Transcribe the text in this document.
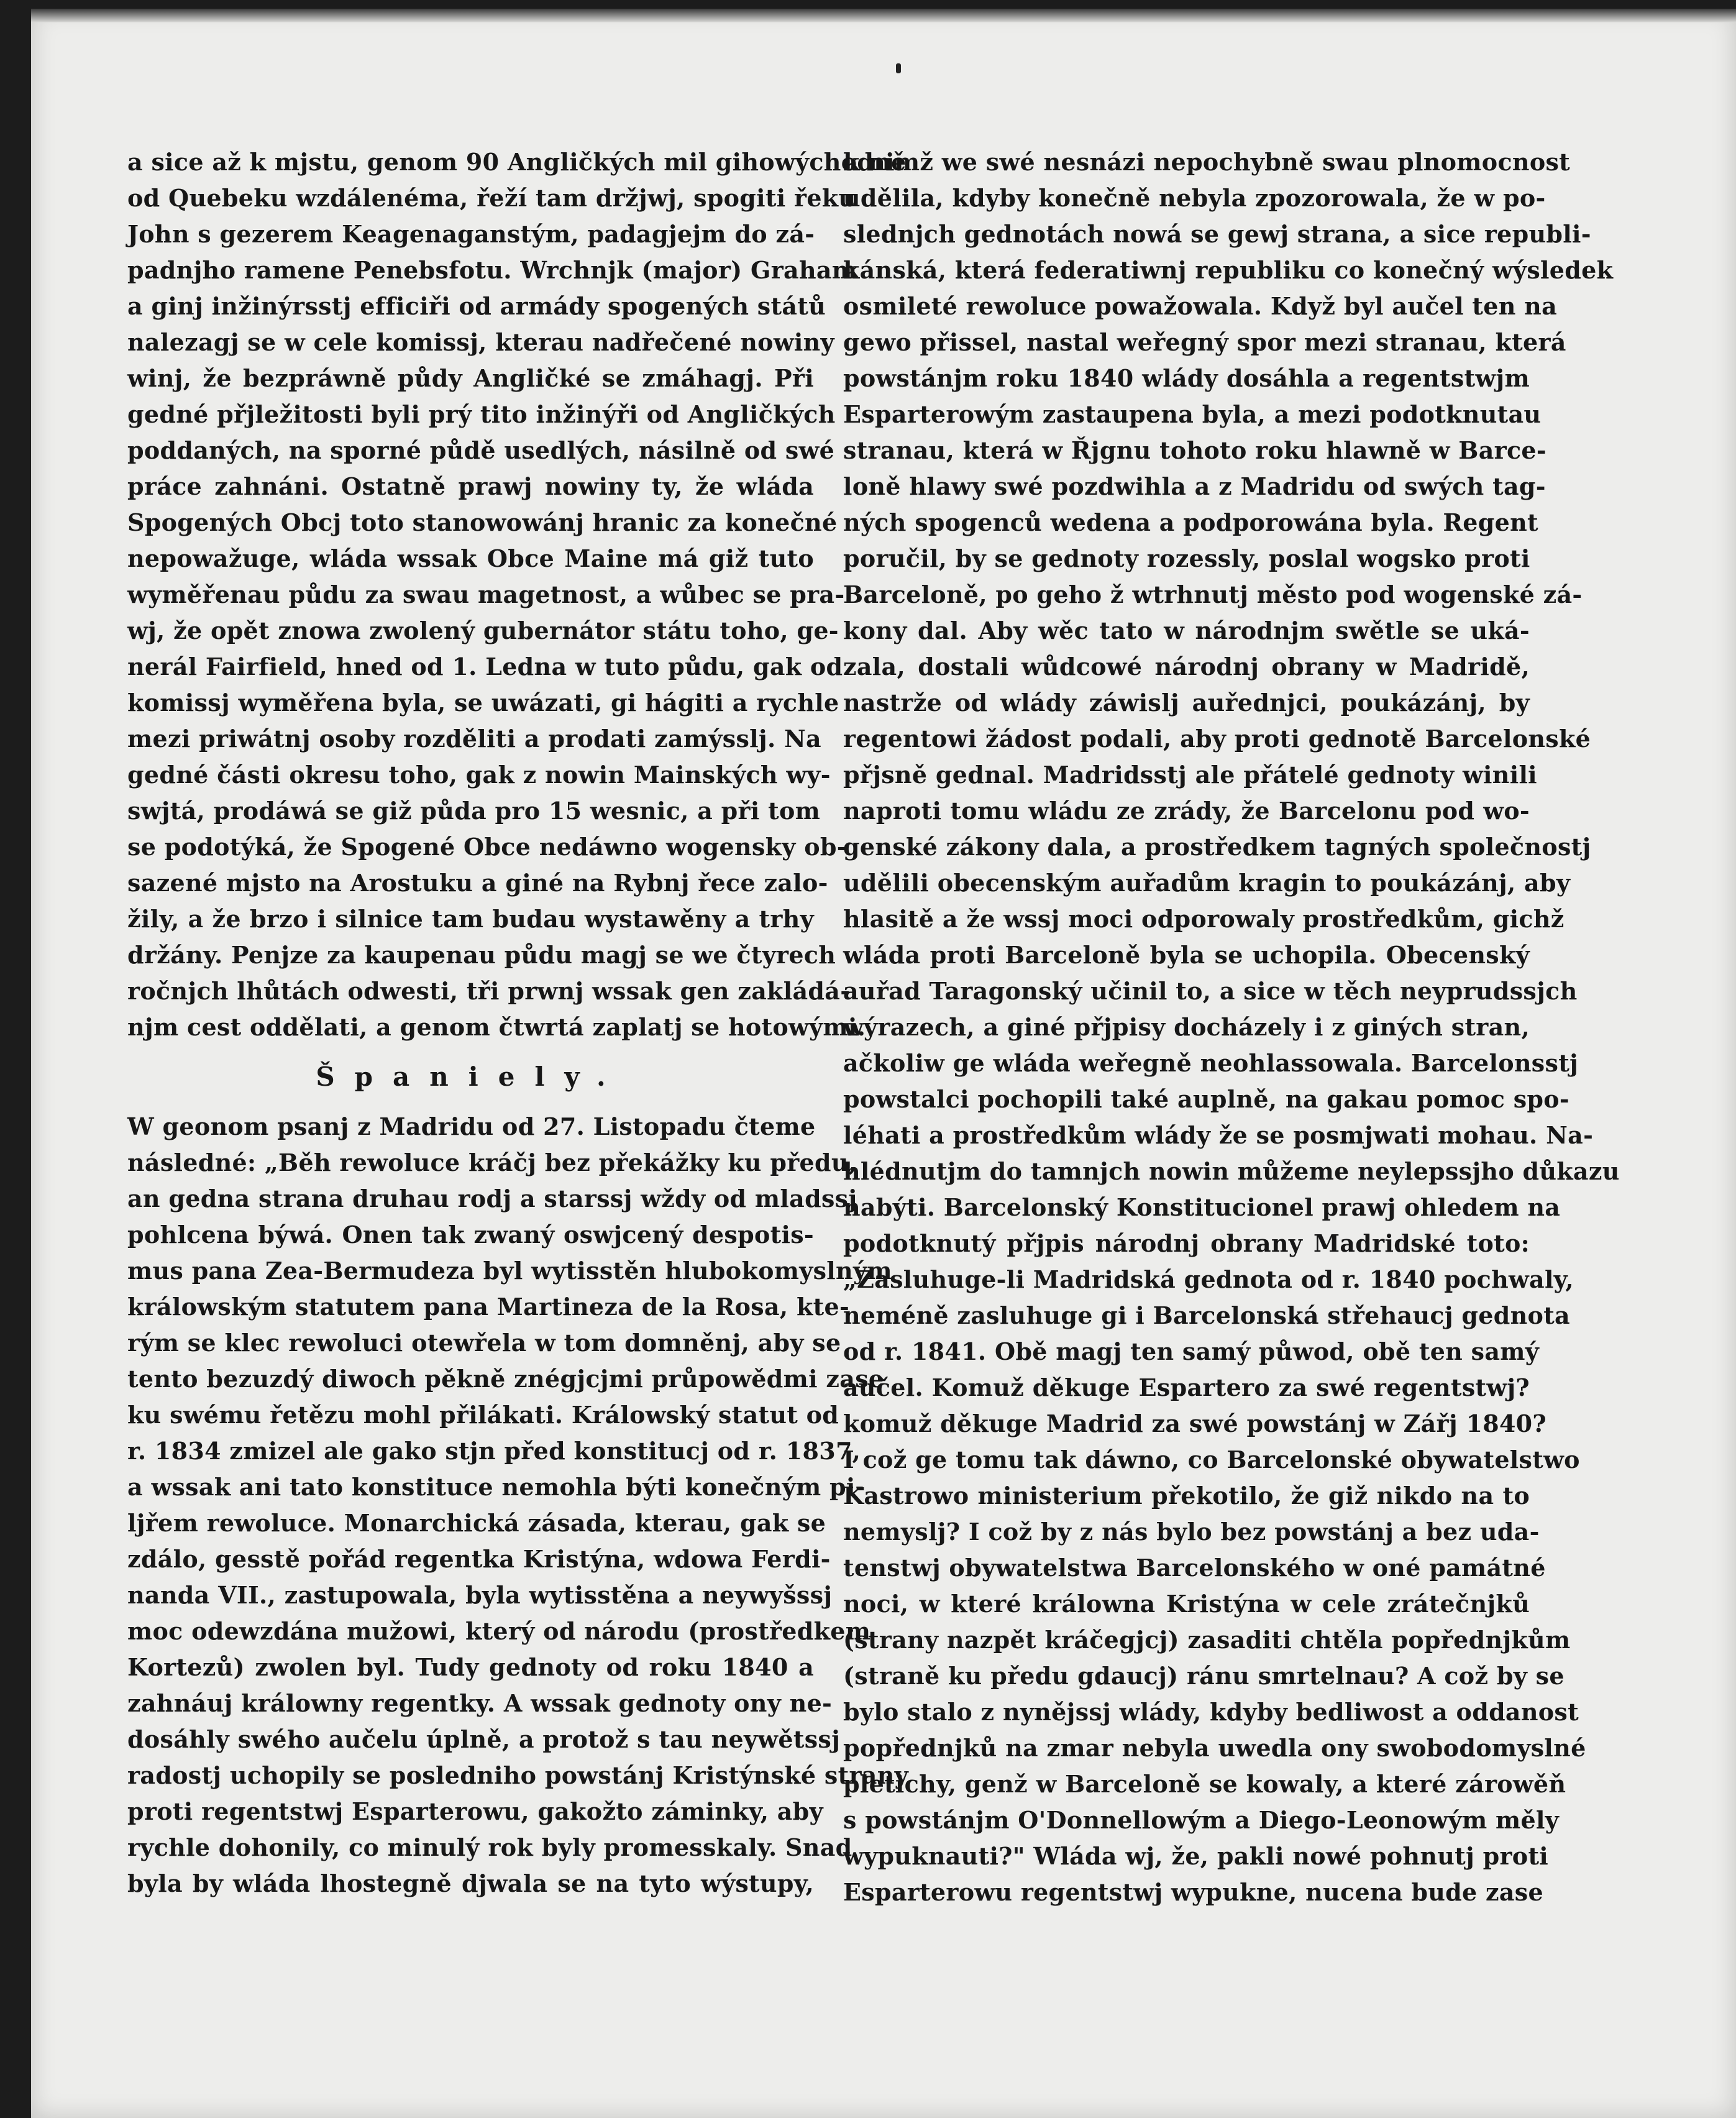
a sice až k mjstu, genom 90 Angličkých mil gihowýchodně
od Quebeku wzdálenéma, řeží tam držjwj, spogiti řeku
John s gezerem Keagenaganstým, padagjejm do zá-
padnjho ramene Penebsfotu. Wrchnjk (major) Graham
a ginj inžinýrsstj efficiři od armády spogených států
nalezagj se w cele komissj, kterau nadřečené nowiny
winj, že bezpráwně půdy Angličké se zmáhagj. Při
gedné přjležitosti byli prý tito inžinýři od Angličkých
poddaných, na sporné půdě usedlých, násilně od swé
práce zahnáni. Ostatně prawj nowiny ty, že wláda
Spogených Obcj toto stanowowánj hranic za konečné
nepowažuge, wláda wssak Obce Maine má giž tuto
wyměřenau půdu za swau magetnost, a wůbec se pra-
wj, že opět znowa zwolený gubernátor státu toho, ge-
nerál Fairfield, hned od 1. Ledna w tuto půdu, gak od
komissj wyměřena byla, se uwázati, gi hágiti a rychle
mezi priwátnj osoby rozděliti a prodati zamýsslj. Na
gedné části okresu toho, gak z nowin Mainských wy-
swjtá, prodáwá se giž půda pro 15 wesnic, a při tom
se podotýká, že Spogené Obce nedáwno wogensky ob-
sazené mjsto na Arostuku a giné na Rybnj řece zalo-
žily, a že brzo i silnice tam budau wystawěny a trhy
držány. Penjze za kaupenau půdu magj se we čtyrech
ročnjch lhůtách odwesti, tři prwnj wssak gen zakládá-
njm cest oddělati, a genom čtwrtá zaplatj se hotowými.
Španiely.
W geonom psanj z Madridu od 27. Listopadu čteme
následné: „Běh rewoluce kráčj bez překážky ku předu,
an gedna strana druhau rodj a starssj wždy od mladssj
pohlcena býwá. Onen tak zwaný oswjcený despotis-
mus pana Zea-Bermudeza byl wytisstěn hlubokomyslným
králowským statutem pana Martineza de la Rosa, kte-
rým se klec rewoluci otewřela w tom domněnj, aby se
tento bezuzdý diwoch pěkně znégjcjmi průpowědmi zase
ku swému řetězu mohl přilákati. Králowský statut od
r. 1834 zmizel ale gako stjn před konstitucj od r. 1837,
a wssak ani tato konstituce nemohla býti konečným pi-
ljřem rewoluce. Monarchická zásada, kterau, gak se
zdálo, gesstě pořád regentka Kristýna, wdowa Ferdi-
nanda VII., zastupowala, byla wytisstěna a neywyšssj
moc odewzdána mužowi, který od národu (prostředkem
Kortezů) zwolen byl. Tudy gednoty od roku 1840 a
zahnáuj králowny regentky. A wssak gednoty ony ne-
dosáhly swého aučelu úplně, a protož s tau neywětssj
radostj uchopily se posledniho powstánj Kristýnské strany
proti regentstwj Esparterowu, gakožto záminky, aby
rychle dohonily, co minulý rok byly promesskaly. Snad
byla by wláda lhostegně djwala se na tyto wýstupy,
k nimž we swé nesnázi nepochybně swau plnomocnost
udělila, kdyby konečně nebyla zpozorowala, že w po-
slednjch gednotách nowá se gewj strana, a sice republi-
kánská, která federatiwnj republiku co konečný wýsledek
osmileté rewoluce powažowala. Když byl aučel ten na
gewo přissel, nastal weřegný spor mezi stranau, která
powstánjm roku 1840 wlády dosáhla a regentstwjm
Esparterowým zastaupena byla, a mezi podotknutau
stranau, která w Řjgnu tohoto roku hlawně w Barce-
loně hlawy swé pozdwihla a z Madridu od swých tag-
ných spogenců wedena a podporowána byla. Regent
poručil, by se gednoty rozessly, poslal wogsko proti
Barceloně, po geho ž wtrhnutj město pod wogenské zá-
kony dal. Aby wěc tato w národnjm swětle se uká-
zala, dostali wůdcowé národnj obrany w Madridě,
nastrže od wlády záwislj auřednjci, poukázánj, by
regentowi žádost podali, aby proti gednotě Barcelonské
přjsně gednal. Madridsstj ale přátelé gednoty winili
naproti tomu wládu ze zrády, že Barcelonu pod wo-
genské zákony dala, a prostředkem tagných společnostj
udělili obecenským auřadům kragin to poukázánj, aby
hlasitě a že wssj moci odporowaly prostředkům, gichž
wláda proti Barceloně byla se uchopila. Obecenský
auřad Taragonský učinil to, a sice w těch neyprudssjch
wýrazech, a giné přjpisy docházely i z giných stran,
ačkoliw ge wláda weřegně neohlassowala. Barcelonsstj
powstalci pochopili také auplně, na gakau pomoc spo-
léhati a prostředkům wlády že se posmjwati mohau. Na-
hlédnutjm do tamnjch nowin můžeme neylepssjho důkazu
nabýti. Barcelonský Konstitucionel prawj ohledem na
podotknutý přjpis národnj obrany Madridské toto:
„Zasluhuge-li Madridská gednota od r. 1840 pochwaly,
neméně zasluhuge gi i Barcelonská střehaucj gednota
od r. 1841. Obě magj ten samý půwod, obě ten samý
aučel. Komuž děkuge Espartero za swé regentstwj?
komuž děkuge Madrid za swé powstánj w Zářj 1840?
I což ge tomu tak dáwno, co Barcelonské obywatelstwo
Kastrowo ministerium překotilo, že giž nikdo na to
nemyslj? I což by z nás bylo bez powstánj a bez uda-
tenstwj obywatelstwa Barcelonského w oné památné
noci, w které králowna Kristýna w cele zrátečnjků
(strany nazpět kráčegjcj) zasaditi chtěla popřednjkům
(straně ku předu gdaucj) ránu smrtelnau? A což by se
bylo stalo z nynějssj wlády, kdyby bedliwost a oddanost
popřednjků na zmar nebyla uwedla ony swobodomyslné
pletichy, genž w Barceloně se kowaly, a které zárowěň
s powstánjm O'Donnellowým a Diego-Leonowým měly
wypuknauti?" Wláda wj, že, pakli nowé pohnutj proti
Esparterowu regentstwj wypukne, nucena bude zase
